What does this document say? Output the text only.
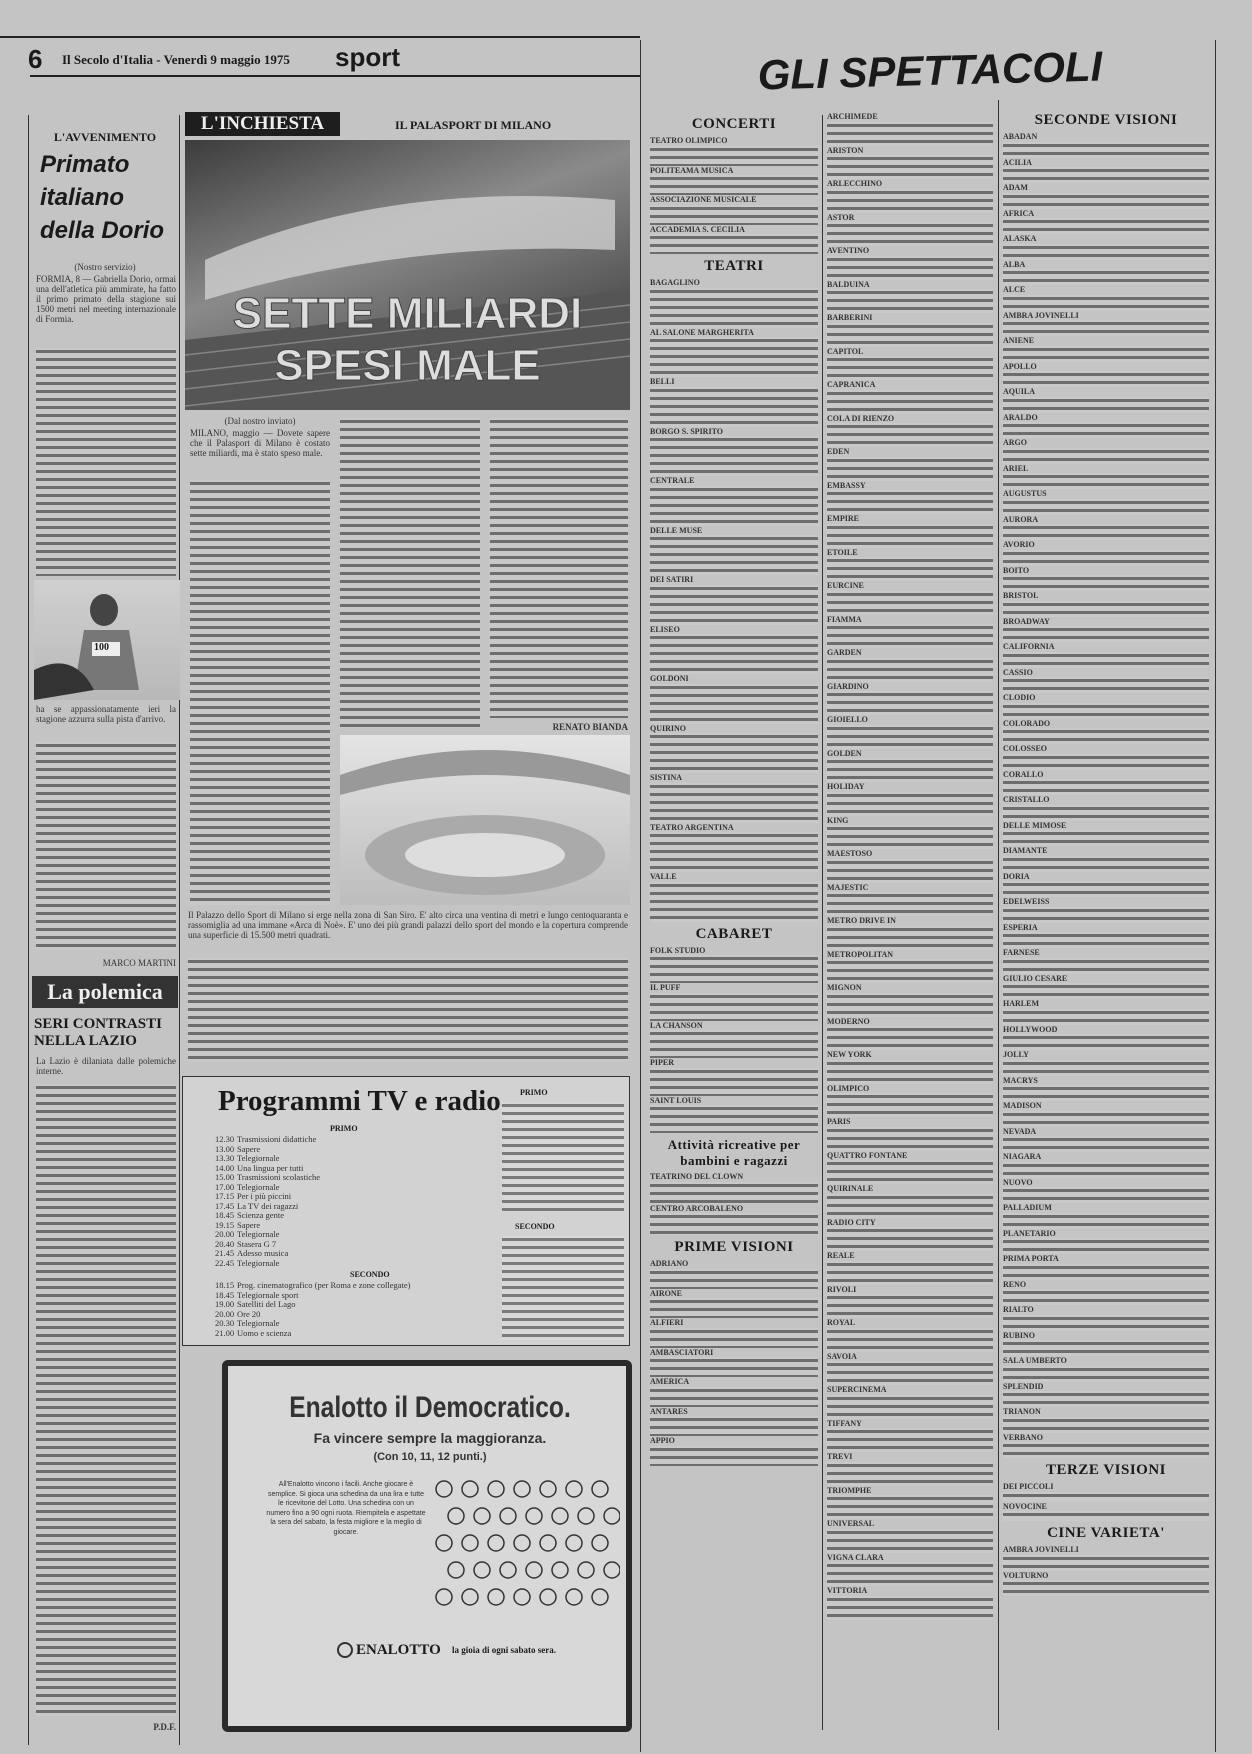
6 Il Secolo d'Italia - Venerdì 9 maggio 1975 sport
L'AVVENIMENTO
Primato
italiano
della Dorio
(Nostro servizio)
FORMIA, 8 — Gabriella Dorio, ormai una dell'atletica più ammirate, ha fatto il primo primato della stagione sui 1500 metri nel meeting internazionale di Formia.
100
ha se appassionatamente ieri la stagione azzurra sulla pista d'arrivo.
MARCO MARTINI
La polemica
SERI CONTRASTI NELLA LAZIO
La Lazio è dilaniata dalle polemiche interne.
P.D.F.
L'INCHIESTA	IL PALASPORT DI MILANO
SETTE MILIARDI
SPESI MALE
(Dal nostro inviato)
MILANO, maggio — Dovete sapere che il Palasport di Milano è costato sette miliardi, ma è stato speso male.
RENATO BIANDA
Il Palazzo dello Sport di Milano si erge nella zona di San Siro. E' alto circa una ventina di metri e lungo centoquaranta e rassomiglia ad una immane «Arca di Noè». E' uno dei più grandi palazzi dello sport del mondo e la copertura comprende una superficie di 15.500 metri quadrati.
Programmi TV e radio
PRIMO
12.30 Trasmissioni didattiche
13.00 Sapere
13.30 Telegiornale
14.00 Una lingua per tutti
15.00 Trasmissioni scolastiche
17.00 Telegiornale
17.15 Per i più piccini
17.45 La TV dei ragazzi
18.45 Scienza gente
19.15 Sapere
20.00 Telegiornale
20.40 Stasera G 7
21.45 Adesso musica
22.45 Telegiornale
SECONDO
18.15 Prog. cinematografico (per Roma e zone collegate)
18.45 Telegiornale sport
19.00 Satelliti del Lago
20.00 Ore 20
20.30 Telegiornale
21.00 Uomo e scienza
PRIMO
SECONDO
Enalotto il Democratico.
Fa vincere sempre la maggioranza.
(Con 10, 11, 12 punti.)
All'Enalotto vincono i facili. Anche giocare è semplice. Si gioca una schedina da una lira e tutte le ricevitorie del Lotto. Una schedina con un numero fino a 90 ogni ruota. Riempitela e aspettate la sera del sabato, la festa migliore e la meglio di giocare.
ENALOTTO la gioia di ogni sabato sera.
GLI SPETTACOLI
CONCERTI
TEATRO OLIMPICO
POLITEAMA MUSICA
ASSOCIAZIONE MUSICALE
ACCADEMIA S. CECILIA
TEATRI
BAGAGLINO
AL SALONE MARGHERITA
BELLI
BORGO S. SPIRITO
CENTRALE
DELLE MUSE
DEI SATIRI
ELISEO
GOLDONI
QUIRINO
SISTINA
TEATRO ARGENTINA
VALLE
CABARET
FOLK STUDIO
IL PUFF
LA CHANSON
PIPER
SAINT LOUIS
Attività ricreative per bambini e ragazzi
TEATRINO DEL CLOWN
CENTRO ARCOBALENO
PRIME VISIONI
ADRIANO
AIRONE
ALFIERI
AMBASCIATORI
AMERICA
ANTARES
APPIO
ARCHIMEDE
ARISTON
ARLECCHINO
ASTOR
AVENTINO
BALDUINA
BARBERINI
CAPITOL
CAPRANICA
COLA DI RIENZO
EDEN
EMBASSY
EMPIRE
ETOILE
EURCINE
FIAMMA
GARDEN
GIARDINO
GIOIELLO
GOLDEN
HOLIDAY
KING
MAESTOSO
MAJESTIC
METRO DRIVE IN
METROPOLITAN
MIGNON
MODERNO
NEW YORK
OLIMPICO
PARIS
QUATTRO FONTANE
QUIRINALE
RADIO CITY
REALE
RIVOLI
ROYAL
SAVOIA
SUPERCINEMA
TIFFANY
TREVI
TRIOMPHE
UNIVERSAL
VIGNA CLARA
VITTORIA
SECONDE VISIONI
ABADAN
ACILIA
ADAM
AFRICA
ALASKA
ALBA
ALCE
AMBRA JOVINELLI
ANIENE
APOLLO
AQUILA
ARALDO
ARGO
ARIEL
AUGUSTUS
AURORA
AVORIO
BOITO
BRISTOL
BROADWAY
CALIFORNIA
CASSIO
CLODIO
COLORADO
COLOSSEO
CORALLO
CRISTALLO
DELLE MIMOSE
DIAMANTE
DORIA
EDELWEISS
ESPERIA
FARNESE
GIULIO CESARE
HARLEM
HOLLYWOOD
JOLLY
MACRYS
MADISON
NEVADA
NIAGARA
NUOVO
PALLADIUM
PLANETARIO
PRIMA PORTA
RENO
RIALTO
RUBINO
SALA UMBERTO
SPLENDID
TRIANON
VERBANO
TERZE VISIONI
DEI PICCOLI
NOVOCINE
CINE VARIETA'
AMBRA JOVINELLI
VOLTURNO
